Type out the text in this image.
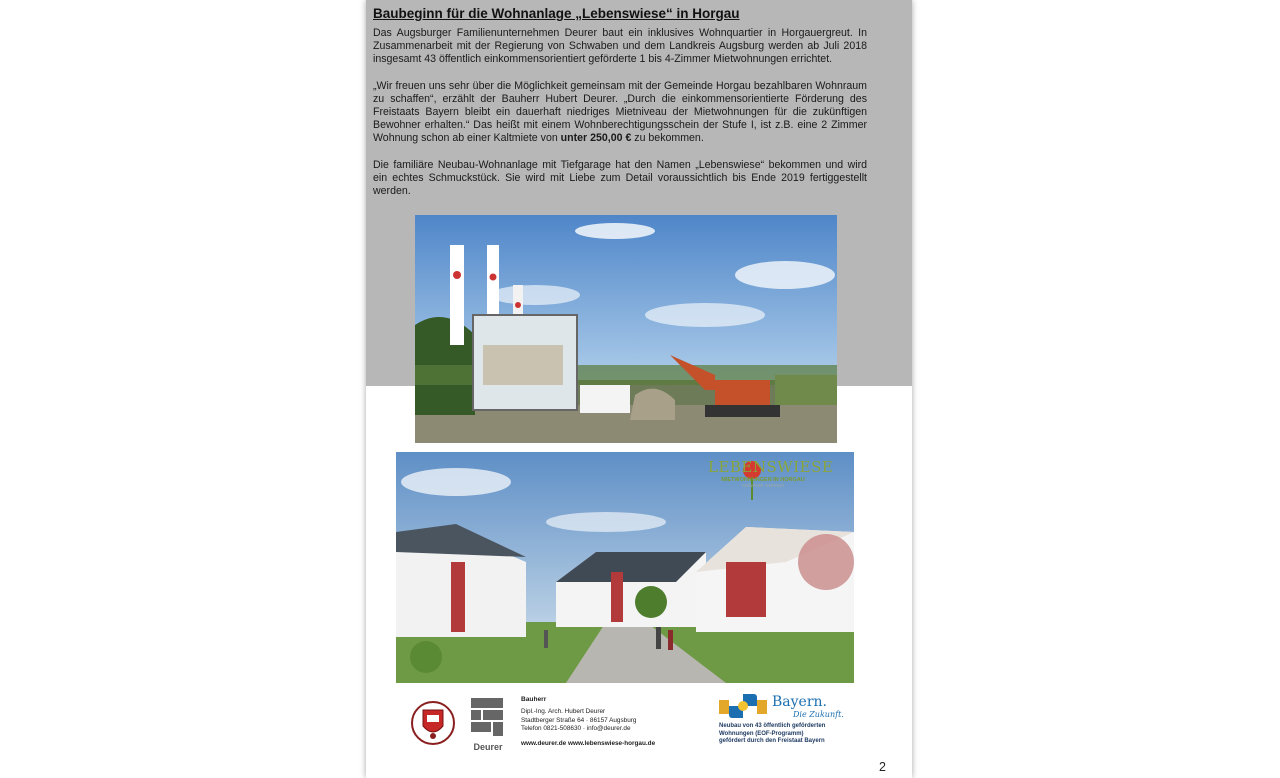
Baubeginn für die Wohnanlage „Lebenswiese“ in Horgau

Das Augsburger Familienunternehmen Deurer baut ein inklusives Wohnquartier in Horgauergreut. In Zusammenarbeit mit der Regierung von Schwaben und dem Landkreis Augsburg werden ab Juli 2018 insgesamt 43 öffentlich einkommensorientiert geförderte 1 bis 4-Zimmer Mietwohnungen errichtet.

„Wir freuen uns sehr über die Möglichkeit gemeinsam mit der Gemeinde Horgau bezahlbaren Wohnraum zu schaffen“, erzählt der Bauherr Hubert Deurer. „Durch die einkommensorientierte Förderung des Freistaats Bayern bleibt ein dauerhaft niedriges Mietniveau der Mietwohnungen für die zukünftigen Bewohner erhalten.“ Das heißt mit einem Wohnberechtigungsschein der Stufe I, ist z.B. eine 2 Zimmer Wohnung schon ab einer Kaltmiete von unter 250,00 € zu bekommen.

Die familiäre Neubau-Wohnanlage mit Tiefgarage hat den Namen „Lebenswiese“ bekommen und wird ein echtes Schmuckstück. Sie wird mit Liebe zum Detail voraussichtlich bis Ende 2019 fertiggestellt werden.

LEBENSWIESE
MIETWOHNUNGEN IN HORGAU
naturnah wohnen
Deurer
Bauherr
Dipl.-Ing. Arch. Hubert Deurer
Stadtberger Straße 64 · 86157 Augsburg
Telefon 0821-508630 · info@deurer.de
www.deurer.de www.lebenswiese-horgau.de
Bayern.
Die Zukunft.
Neubau von 43 öffentlich geförderten
Wohnungen (EOF-Programm)
gefördert durch den Freistaat Bayern
2
